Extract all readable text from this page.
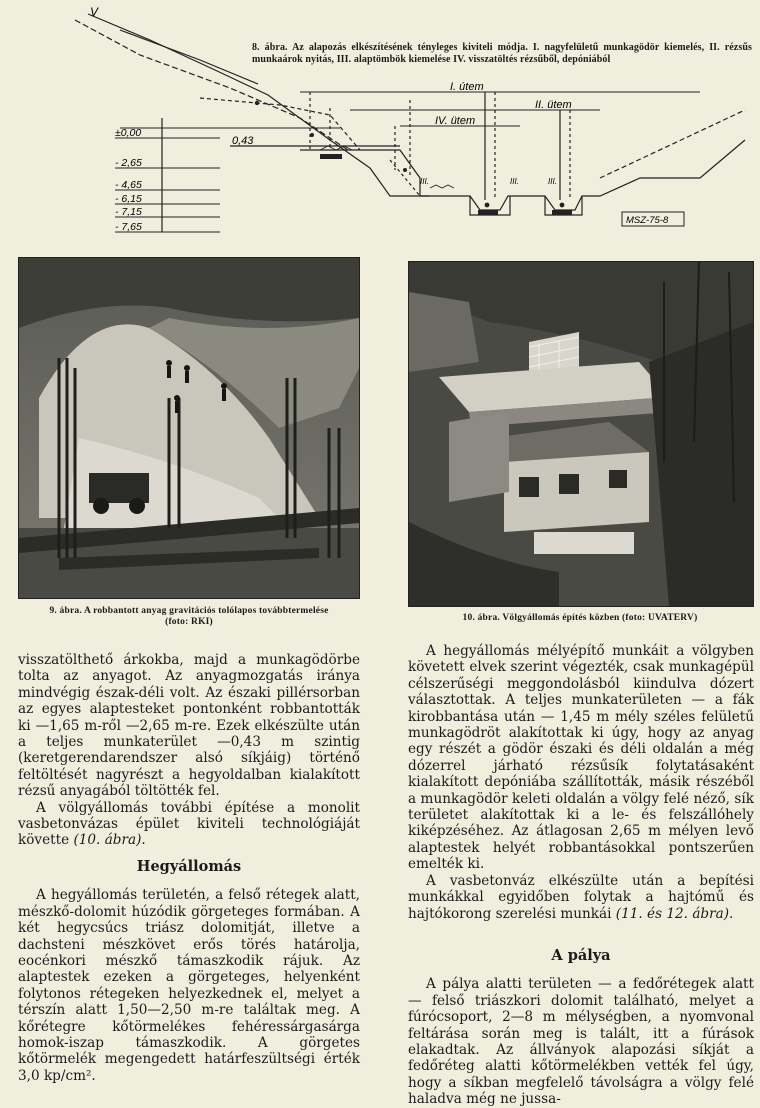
V
I. útem
II. ütem
IV. ütem
0,43
±0,00
- 2,65
- 4,65
- 6,15
- 7,15
- 7,65
III.	III.	III.
MSZ-75-8
8. ábra. Az alapozás elkészítésének tényleges kiviteli módja. I. nagyfelületű munkagödör kiemelés, II. rézsűs munkaárok nyitás, III. alaptömbök kiemelése IV. visszatöltés rézsűből, depóniából
9. ábra. A robbantott anyag gravitációs tolólapos továbbtermelése
(foto: RKI)	10. ábra. Völgyállomás építés közben (foto: UVATERV)

visszatölthető árkokba, majd a munkagödörbe tolta az anyagot. Az anyagmozgatás iránya mindvégig észak-déli volt. Az északi pillérsorban az egyes alaptesteket pontonként robbantották ki —1,65 m-ről —2,65 m-re. Ezek elkészülte után a teljes munkaterület —0,43 m szintig (keretgerendarendszer alsó síkjáig) történő feltöltését nagyrészt a hegyoldalban kialakított rézsű anyagából töltötték fel.

A völgyállomás további építése a monolit vasbetonvázas épület kiviteli technológiáját követte (10. ábra).

Hegyállomás

A hegyállomás területén, a felső rétegek alatt, mészkő-dolomit húzódik görgeteges formában. A két hegycsúcs triász dolomitját, illetve a dachsteni mészkövet erős törés határolja, eocénkori mészkő támaszkodik rájuk. Az alaptestek ezeken a görgeteges, helyenként folytonos rétegeken helyezkednek el, melyet a térszín alatt 1,50—2,50 m-re találtak meg. A kőrétegre kőtörmelékes fehéressárgasárga homok-iszap támaszkodik. A görgetes kőtörmelék megengedett határfeszültségi érték 3,0 kp/cm².

A hegyállomás mélyépítő munkáit a völgyben követett elvek szerint végezték, csak munkagépül célszerűségi meggondolásból kiindulva dózert választottak. A teljes munkaterületen — a fák kirobbantása után — 1,45 m mély széles felületű munkagödröt alakítottak ki úgy, hogy az anyag egy részét a gödör északi és déli oldalán a még dózerrel járható rézsűsík folytatásaként kialakított depóniába szállították, másik részéből a munkagödör keleti oldalán a völgy felé néző, sík területet alakítottak ki a le- és felszállóhely kiképzéséhez. Az átlagosan 2,65 m mélyen levő alaptestek helyét robbantásokkal pontszerűen emelték ki.

A vasbetonváz elkészülte után a bepítési munkákkal egyidőben folytak a hajtómű és hajtókorong szerelési munkái (11. és 12. ábra).

A pálya

A pálya alatti területen — a fedőrétegek alatt — felső triászkori dolomit található, melyet a fúrócsoport, 2—8 m mélységben, a nyomvonal feltárása során meg is talált, itt a fúrások elakadtak. Az állványok alapozási síkját a fedőréteg alatti kőtörmelékben vették fel úgy, hogy a síkban megfelelő távolságra a völgy felé haladva még ne jussa-
